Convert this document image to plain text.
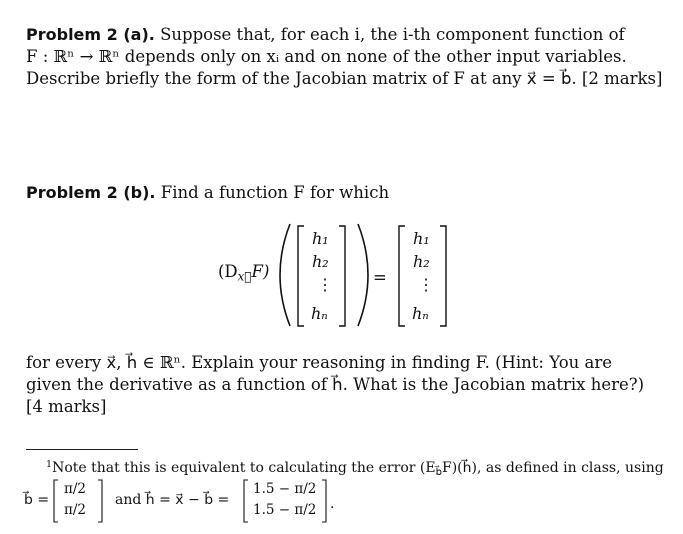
Problem 2 (a). Suppose that, for each i, the i-th component function of
F : ℝⁿ → ℝⁿ depends only on xᵢ and on none of the other input variables.
Describe briefly the form of the Jacobian matrix of F at any x⃗ = b⃗. [2 marks]
Problem 2 (b). Find a function F for which
$(D_{x⃗}F)$
h₁
h₂
⋮
hₙ
=
h₁
h₂
⋮
hₙ
for every x⃗, h⃗ ∈ ℝⁿ. Explain your reasoning in finding F. (Hint: You are
given the derivative as a function of h⃗. What is the Jacobian matrix here?)
[4 marks]
$^1$Note that this is equivalent to calculating the error $(E_{b⃗}F)(h⃗)$, as defined in class, using
b⃗ =
π/2
π/2
and h⃗ = x⃗ − b⃗ =
1.5 − π/2
1.5 − π/2 .
